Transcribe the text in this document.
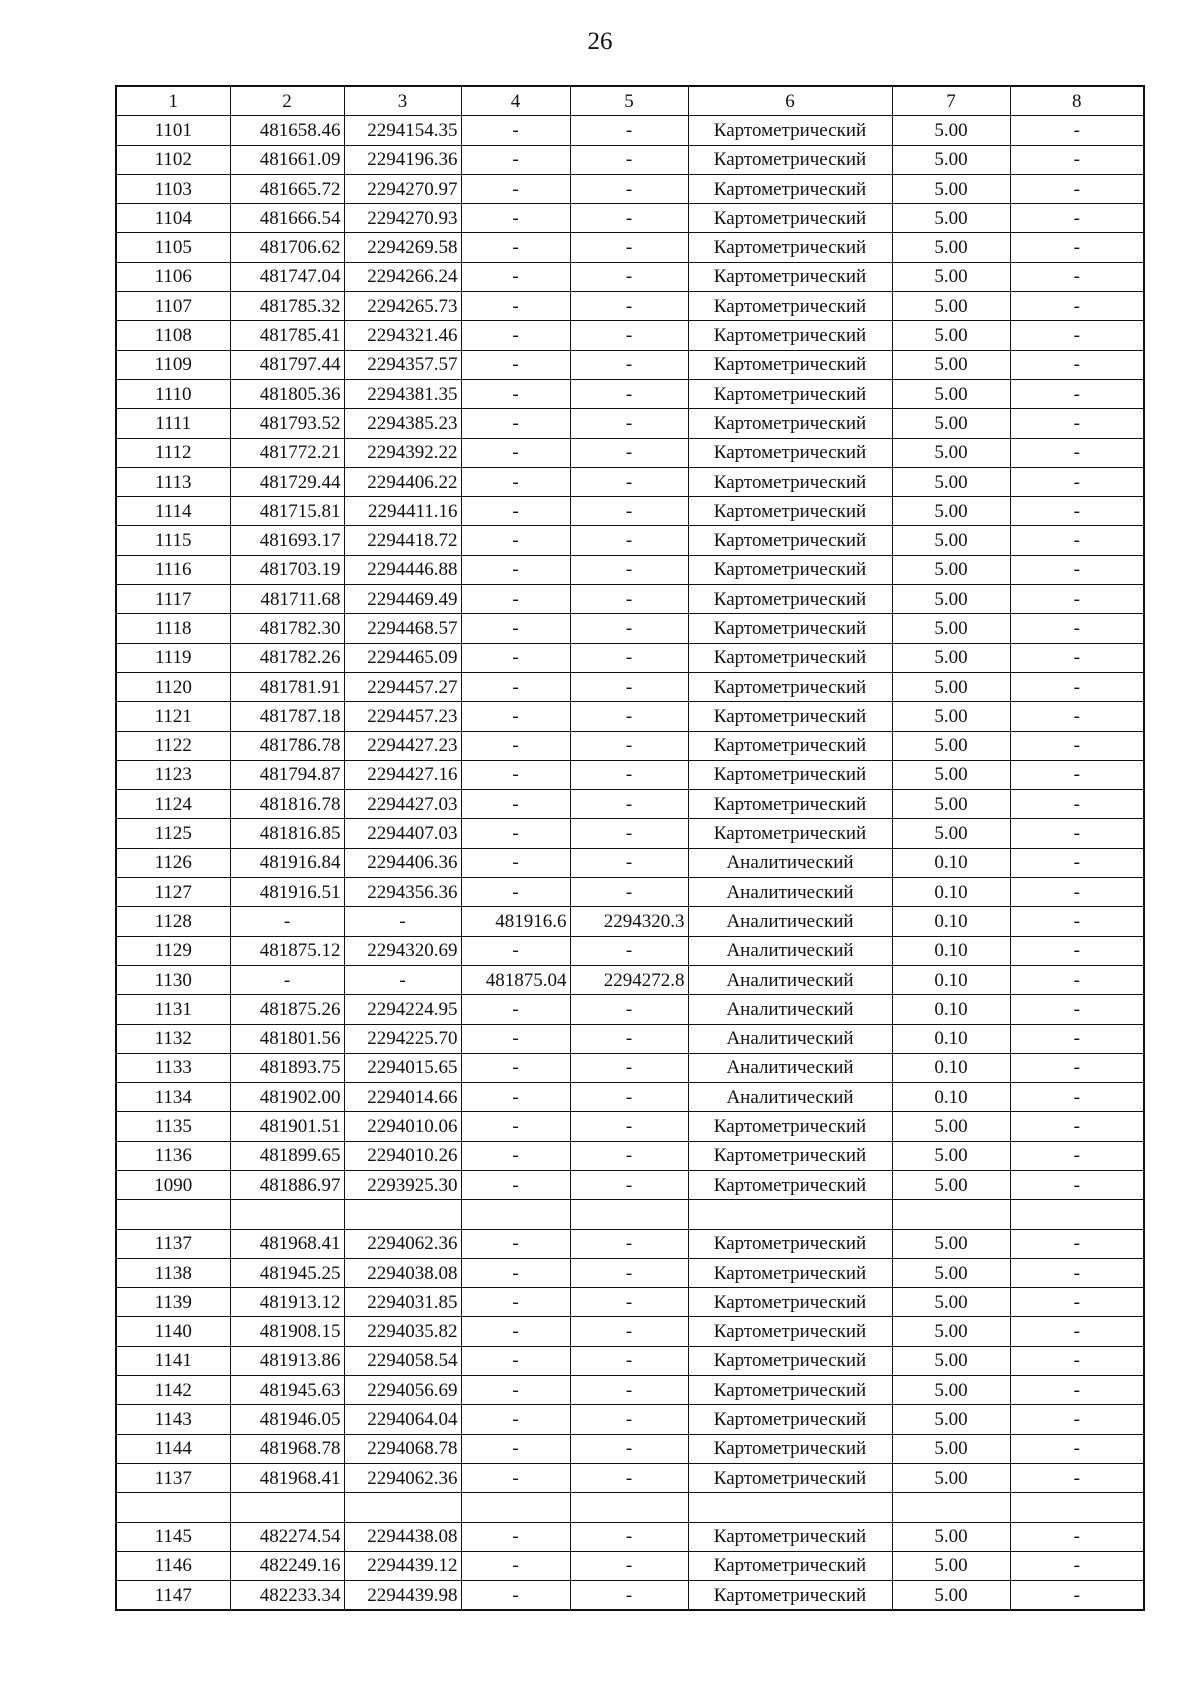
26
1	2	3	4	5	6	7	8
1101	481658.46	2294154.35	-	-	Картометрический	5.00	-
1102	481661.09	2294196.36	-	-	Картометрический	5.00	-
1103	481665.72	2294270.97	-	-	Картометрический	5.00	-
1104	481666.54	2294270.93	-	-	Картометрический	5.00	-
1105	481706.62	2294269.58	-	-	Картометрический	5.00	-
1106	481747.04	2294266.24	-	-	Картометрический	5.00	-
1107	481785.32	2294265.73	-	-	Картометрический	5.00	-
1108	481785.41	2294321.46	-	-	Картометрический	5.00	-
1109	481797.44	2294357.57	-	-	Картометрический	5.00	-
1110	481805.36	2294381.35	-	-	Картометрический	5.00	-
1111	481793.52	2294385.23	-	-	Картометрический	5.00	-
1112	481772.21	2294392.22	-	-	Картометрический	5.00	-
1113	481729.44	2294406.22	-	-	Картометрический	5.00	-
1114	481715.81	2294411.16	-	-	Картометрический	5.00	-
1115	481693.17	2294418.72	-	-	Картометрический	5.00	-
1116	481703.19	2294446.88	-	-	Картометрический	5.00	-
1117	481711.68	2294469.49	-	-	Картометрический	5.00	-
1118	481782.30	2294468.57	-	-	Картометрический	5.00	-
1119	481782.26	2294465.09	-	-	Картометрический	5.00	-
1120	481781.91	2294457.27	-	-	Картометрический	5.00	-
1121	481787.18	2294457.23	-	-	Картометрический	5.00	-
1122	481786.78	2294427.23	-	-	Картометрический	5.00	-
1123	481794.87	2294427.16	-	-	Картометрический	5.00	-
1124	481816.78	2294427.03	-	-	Картометрический	5.00	-
1125	481816.85	2294407.03	-	-	Картометрический	5.00	-
1126	481916.84	2294406.36	-	-	Аналитический	0.10	-
1127	481916.51	2294356.36	-	-	Аналитический	0.10	-
1128	-	-	481916.6	2294320.3	Аналитический	0.10	-
1129	481875.12	2294320.69	-	-	Аналитический	0.10	-
1130	-	-	481875.04	2294272.8	Аналитический	0.10	-
1131	481875.26	2294224.95	-	-	Аналитический	0.10	-
1132	481801.56	2294225.70	-	-	Аналитический	0.10	-
1133	481893.75	2294015.65	-	-	Аналитический	0.10	-
1134	481902.00	2294014.66	-	-	Аналитический	0.10	-
1135	481901.51	2294010.06	-	-	Картометрический	5.00	-
1136	481899.65	2294010.26	-	-	Картометрический	5.00	-
1090	481886.97	2293925.30	-	-	Картометрический	5.00	-

1137	481968.41	2294062.36	-	-	Картометрический	5.00	-
1138	481945.25	2294038.08	-	-	Картометрический	5.00	-
1139	481913.12	2294031.85	-	-	Картометрический	5.00	-
1140	481908.15	2294035.82	-	-	Картометрический	5.00	-
1141	481913.86	2294058.54	-	-	Картометрический	5.00	-
1142	481945.63	2294056.69	-	-	Картометрический	5.00	-
1143	481946.05	2294064.04	-	-	Картометрический	5.00	-
1144	481968.78	2294068.78	-	-	Картометрический	5.00	-
1137	481968.41	2294062.36	-	-	Картометрический	5.00	-

1145	482274.54	2294438.08	-	-	Картометрический	5.00	-
1146	482249.16	2294439.12	-	-	Картометрический	5.00	-
1147	482233.34	2294439.98	-	-	Картометрический	5.00	-
